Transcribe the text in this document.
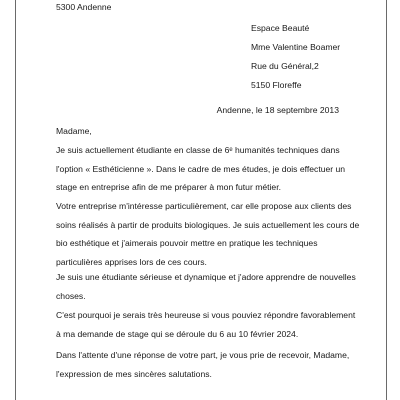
5300 Andenne

Espace Beauté
Mme Valentine Boamer
Rue du Général,2
5150 Floreffe

Andenne, le 18 septembre 2013

Madame,

Je suis actuellement étudiante en classe de 6ᵉ humanités techniques dans
l'option « Esthéticienne ». Dans le cadre de mes études, je dois effectuer un
stage en entreprise afin de me préparer à mon futur métier.
Votre entreprise m'intéresse particulièrement, car elle propose aux clients des
soins réalisés à partir de produits biologiques. Je suis actuellement les cours de
bio esthétique et j'aimerais pouvoir mettre en pratique les techniques
particulières apprises lors de ces cours.
Je suis une étudiante sérieuse et dynamique et j'adore apprendre de nouvelles
choses.
C'est pourquoi je serais très heureuse si vous pouviez répondre favorablement
à ma demande de stage qui se déroule du 6 au 10 février 2024.
Dans l'attente d'une réponse de votre part, je vous prie de recevoir, Madame,
l'expression de mes sincères salutations.
